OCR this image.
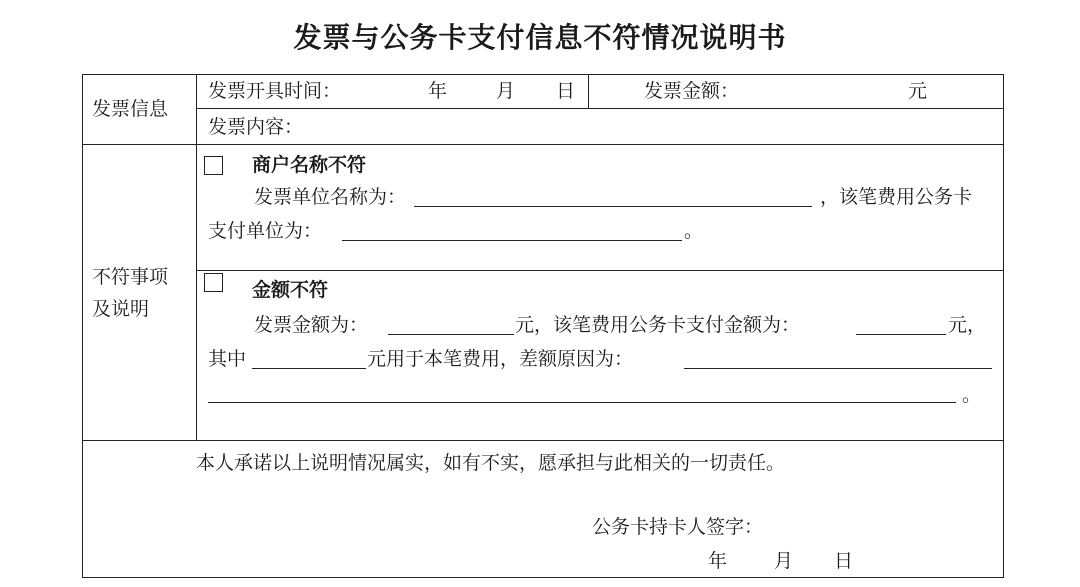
发票与公务卡支付信息不符情况说明书
发票信息
发票开具时间：	年	月 日	发票金额：	元
发票内容：
不符事项
及说明
商户名称不符
发票单位名称为：	，该笔费用公务卡
支付单位为：	。
金额不符
发票金额为：	元，该笔费用公务卡支付金额为：	元，
其中	元用于本笔费用，差额原因为：
。
本人承诺以上说明情况属实，如有不实，愿承担与此相关的一切责任。
公务卡持卡人签字：
年 月 日
